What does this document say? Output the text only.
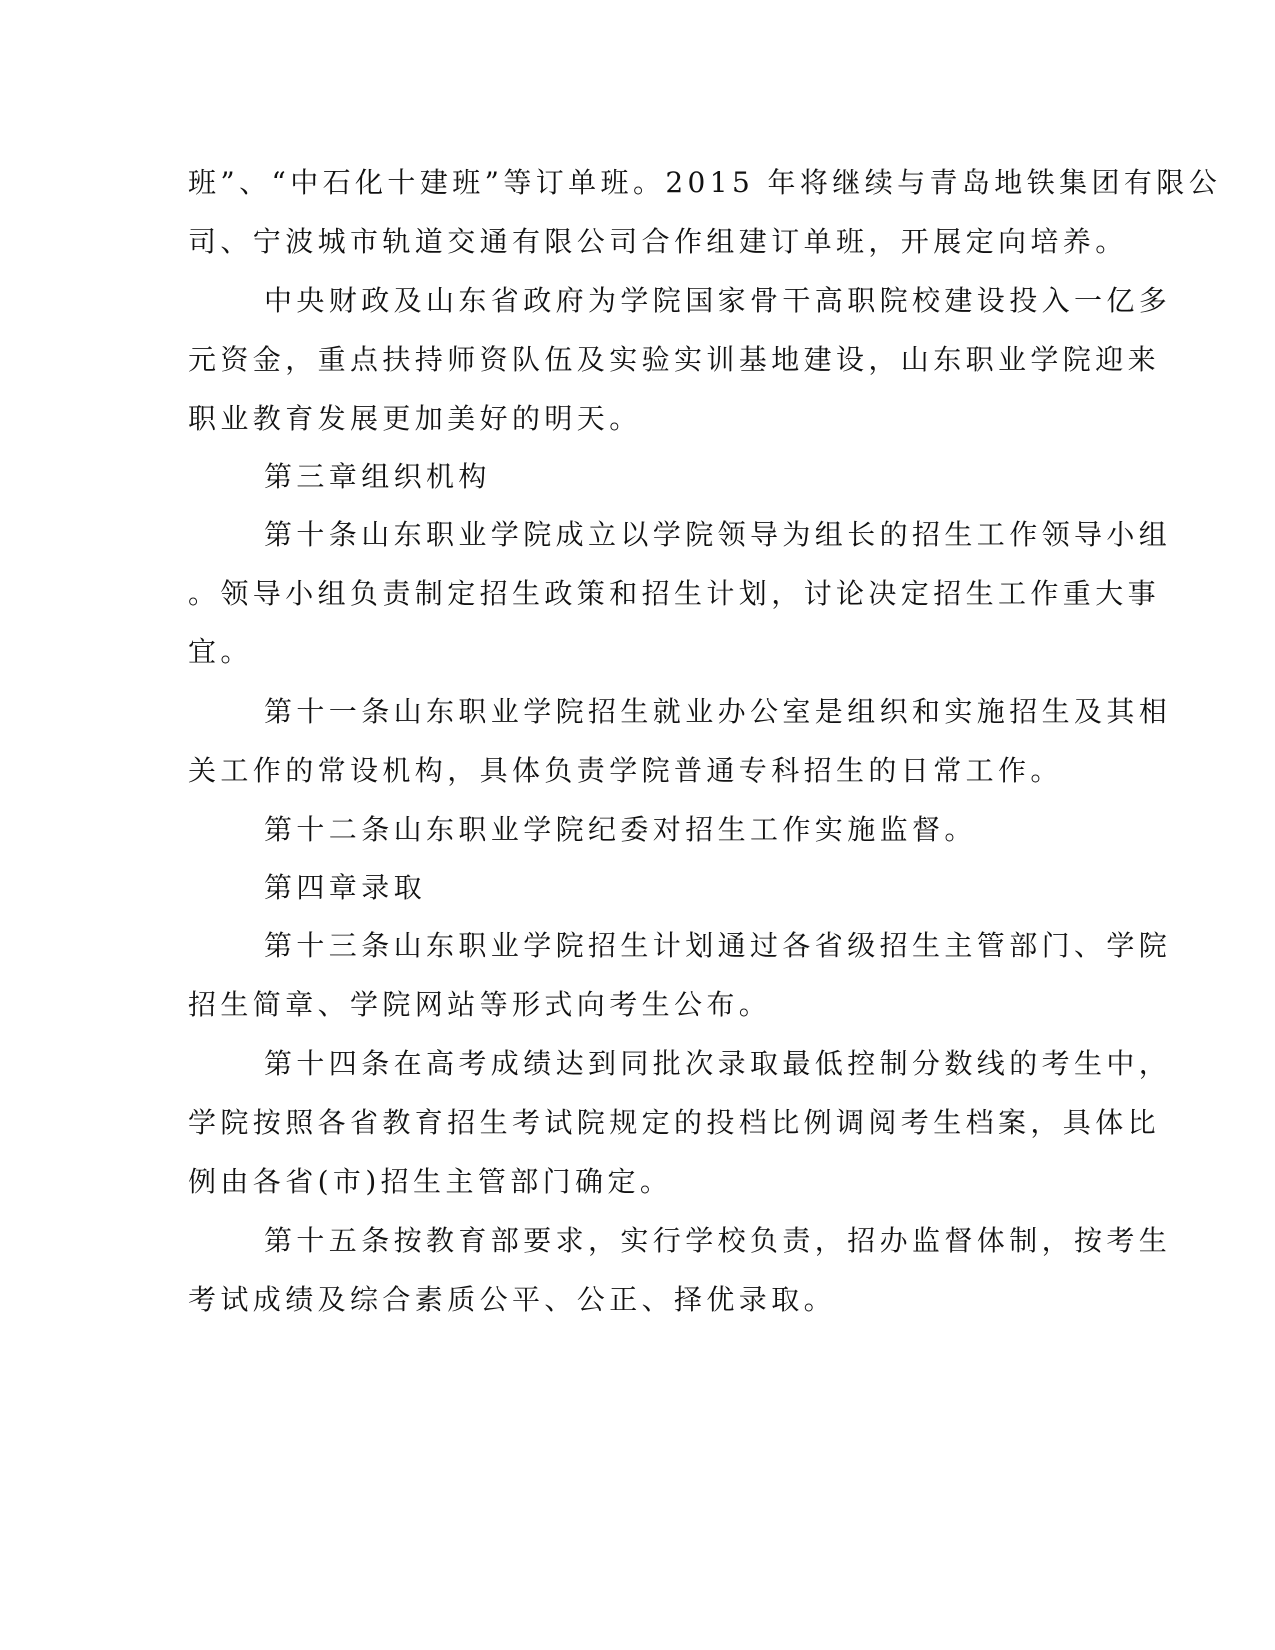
班”、“中石化十建班”等订单班。2015 年将继续与青岛地铁集团有限公
司、宁波城市轨道交通有限公司合作组建订单班，开展定向培养。
中央财政及山东省政府为学院国家骨干高职院校建设投入一亿多
元资金，重点扶持师资队伍及实验实训基地建设，山东职业学院迎来
职业教育发展更加美好的明天。
第三章组织机构
第十条山东职业学院成立以学院领导为组长的招生工作领导小组
。领导小组负责制定招生政策和招生计划，讨论决定招生工作重大事
宜。
第十一条山东职业学院招生就业办公室是组织和实施招生及其相
关工作的常设机构，具体负责学院普通专科招生的日常工作。
第十二条山东职业学院纪委对招生工作实施监督。
第四章录取
第十三条山东职业学院招生计划通过各省级招生主管部门、学院
招生简章、学院网站等形式向考生公布。
第十四条在高考成绩达到同批次录取最低控制分数线的考生中，
学院按照各省教育招生考试院规定的投档比例调阅考生档案，具体比
例由各省(市)招生主管部门确定。
第十五条按教育部要求，实行学校负责，招办监督体制，按考生
考试成绩及综合素质公平、公正、择优录取。
